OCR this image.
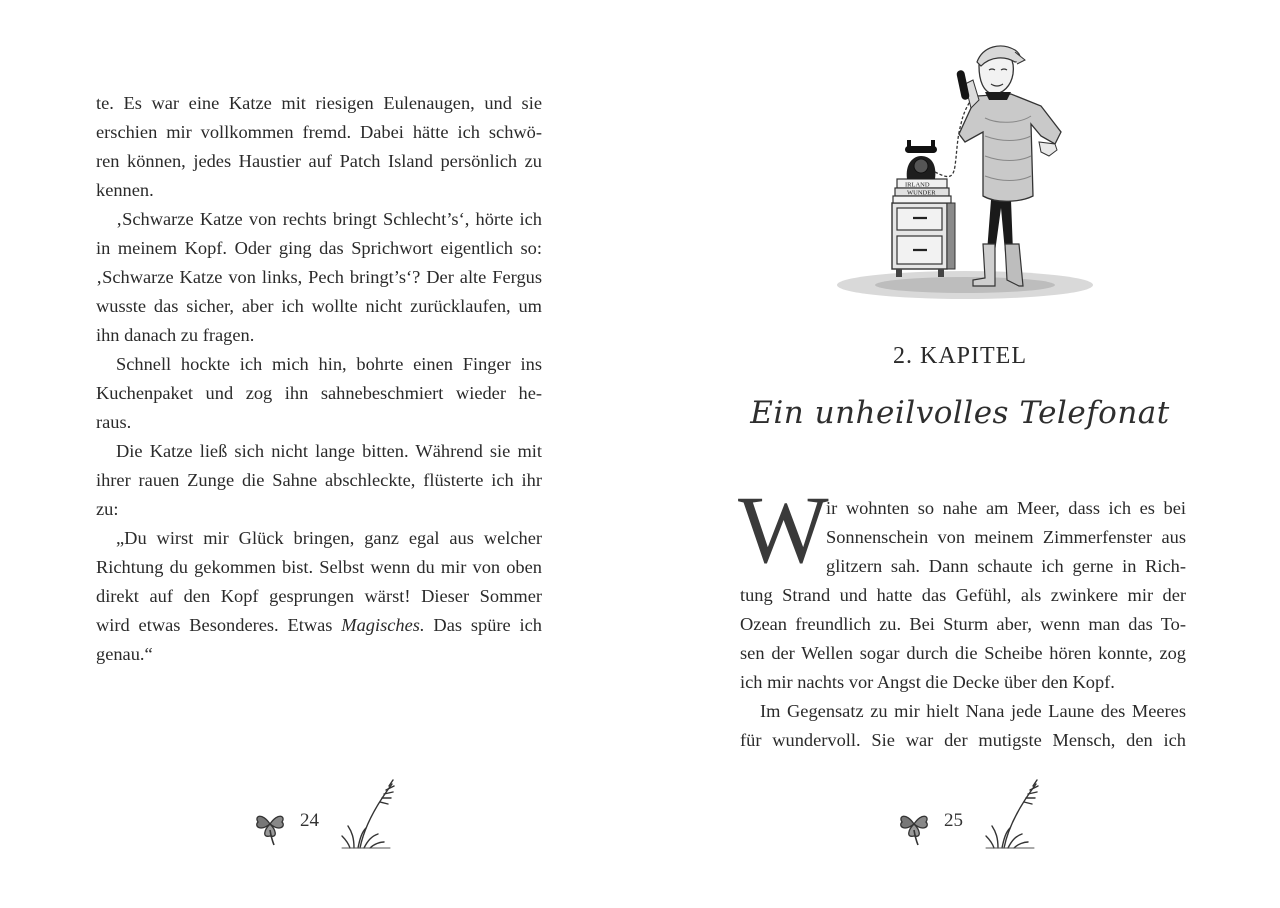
te. Es war eine Katze mit riesigen Eulenaugen, und sie
erschien mir vollkommen fremd. Dabei hätte ich schwö-
ren können, jedes Haustier auf Patch Island persönlich zu
kennen.
‚Schwarze Katze von rechts bringt Schlecht’s‘, hörte ich
in meinem Kopf. Oder ging das Sprichwort eigentlich so:
‚Schwarze Katze von links, Pech bringt’s‘? Der alte Fergus
wusste das sicher, aber ich wollte nicht zurücklaufen, um
ihn danach zu fragen.
Schnell hockte ich mich hin, bohrte einen Finger ins
Kuchenpaket und zog ihn sahnebeschmiert wieder he-
raus.
Die Katze ließ sich nicht lange bitten. Während sie mit
ihrer rauen Zunge die Sahne abschleckte, flüsterte ich ihr
zu:
„Du wirst mir Glück bringen, ganz egal aus welcher
Richtung du gekommen bist. Selbst wenn du mir von oben
direkt auf den Kopf gesprungen wärst! Dieser Sommer
wird etwas Besonderes. Etwas Magisches. Das spüre ich
genau.“
24
IRLAND
WUNDER
2. KAPITEL
Ein unheilvolles Telefonat
W
ir wohnten so nahe am Meer, dass ich es bei
Sonnenschein von meinem Zimmerfenster aus
glitzern sah. Dann schaute ich gerne in Rich-
tung Strand und hatte das Gefühl, als zwinkere mir der
Ozean freundlich zu. Bei Sturm aber, wenn man das To-
sen der Wellen sogar durch die Scheibe hören konnte, zog
ich mir nachts vor Angst die Decke über den Kopf.
Im Gegensatz zu mir hielt Nana jede Laune des Meeres
für wundervoll. Sie war der mutigste Mensch, den ich
25
